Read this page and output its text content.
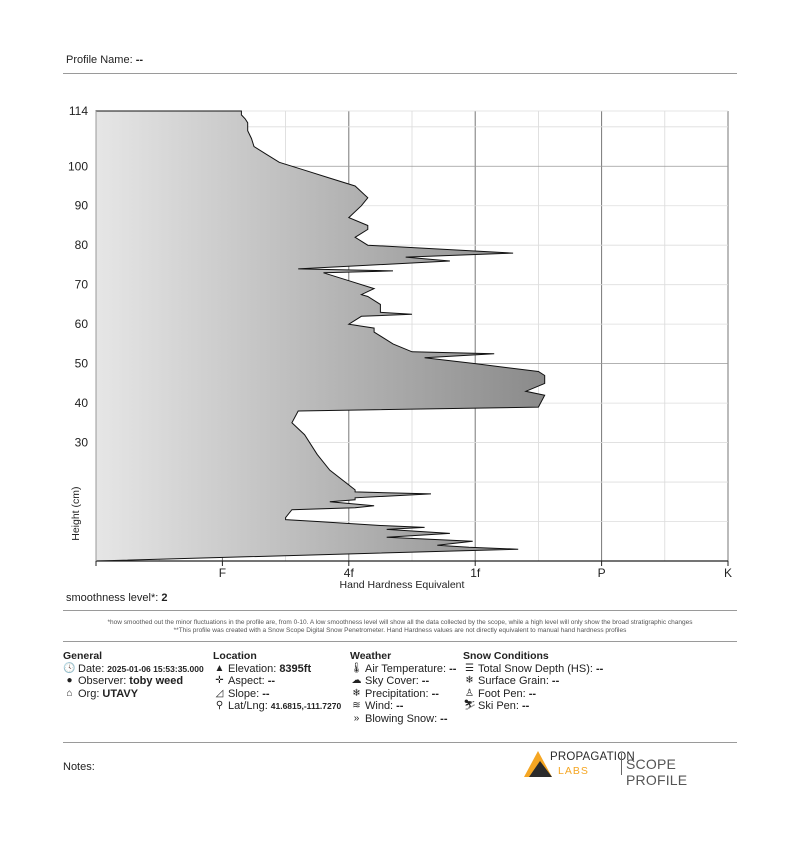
Profile Name: --
30
40
50
60
70
80
90
100
114
F	4f	1f	P	K
Height (cm)
Hand Hardness Equivalent
smoothness level*: 2
*how smoothed out the minor fluctuations in the profile are, from 0-10. A low smoothness level will show all the data collected by the scope, while a high level will only show the broad stratigraphic changes
**This profile was created with a Snow Scope Digital Snow Penetrometer. Hand Hardness values are not directly equivalent to manual hand hardness profiles
General
🕓 Date: 2025-01-06 15:53:35.000
● Observer: toby weed
⌂ Org: UTAVY
Location
▲ Elevation: 8395ft
✛ Aspect: --
◿ Slope: --
⚲ Lat/Lng: 41.6815,-111.7270
Weather
🌡 Air Temperature: --
☁ Sky Cover: --
❄ Precipitation: --
≋ Wind: --
» Blowing Snow: --
Snow Conditions
☰ Total Snow Depth (HS): --
❄ Surface Grain: --
♙ Foot Pen: --
⛷ Ski Pen: --
Notes:
PROPAGATION
LABS	SCOPE PROFILE
